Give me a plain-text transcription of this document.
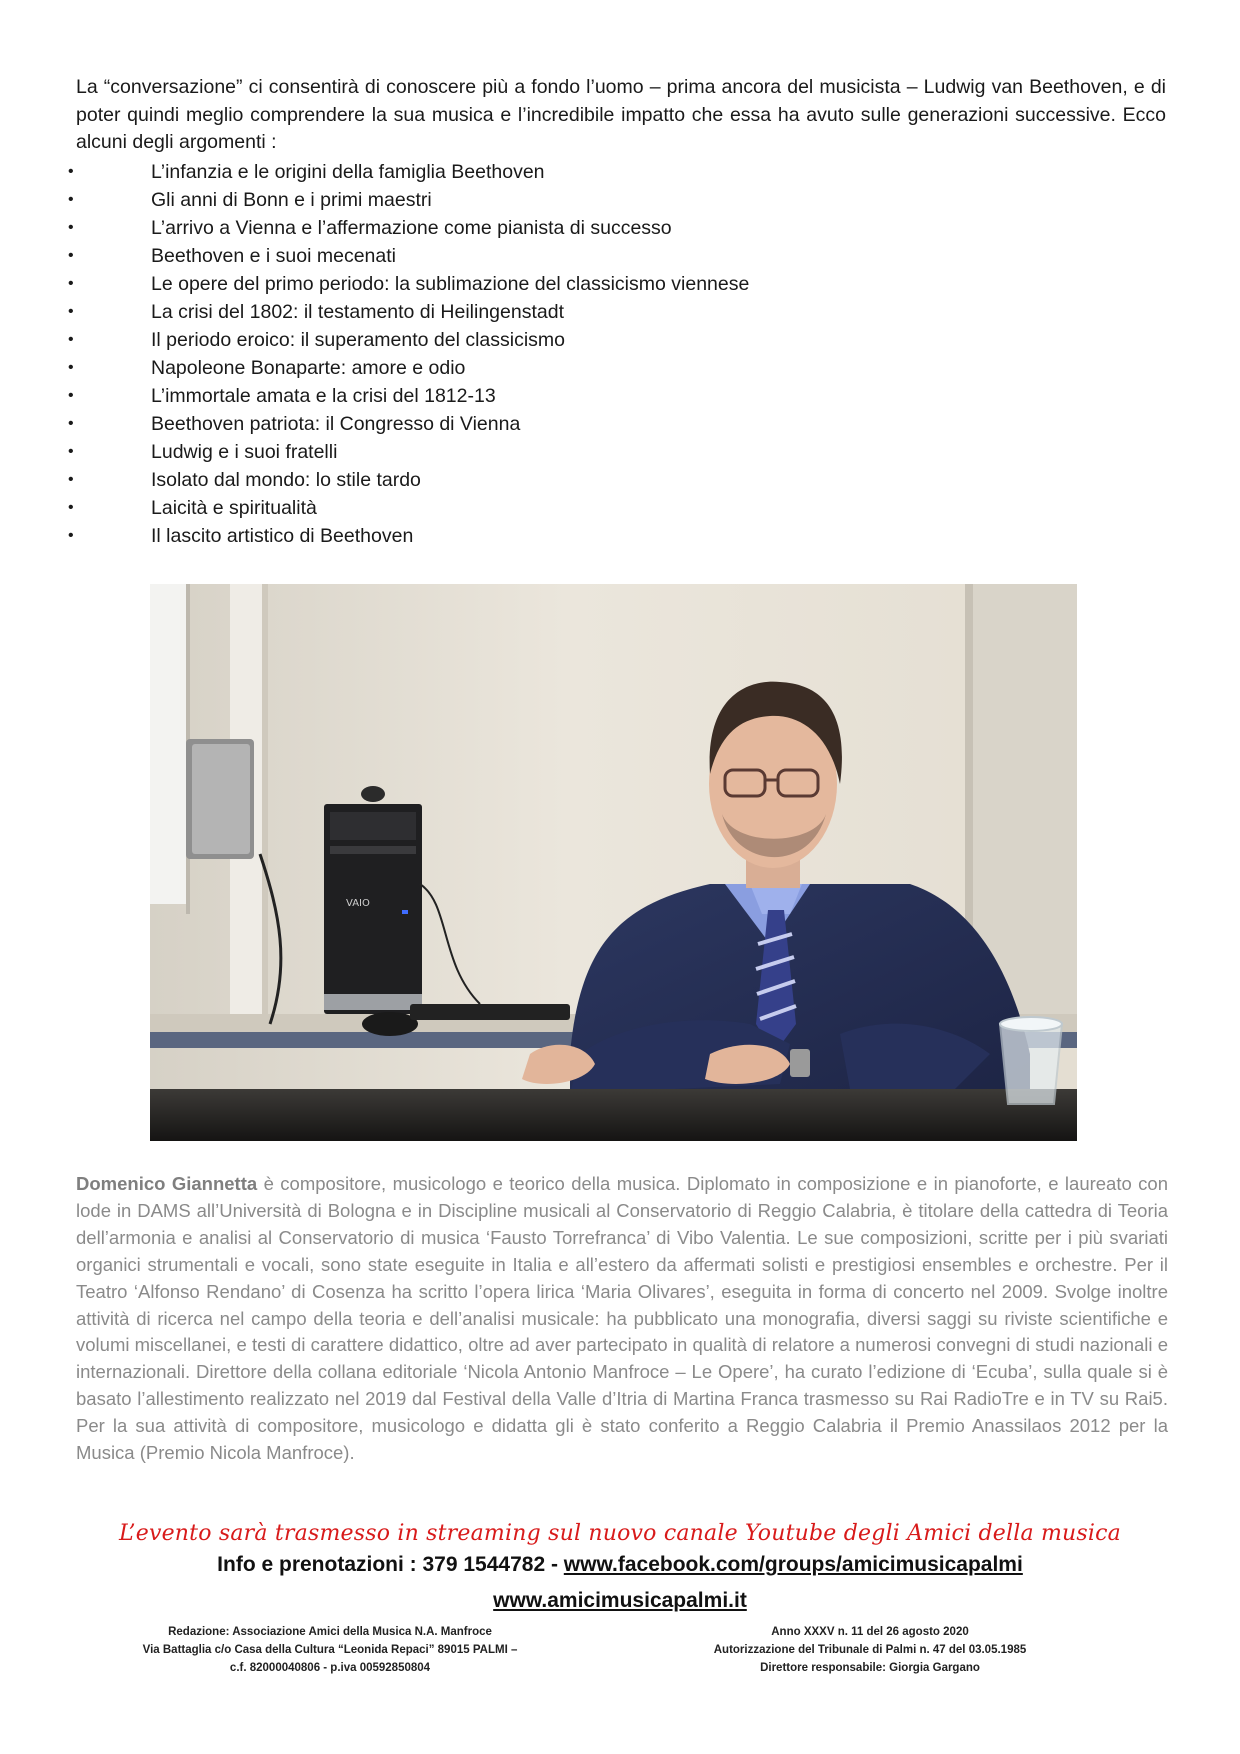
La “conversazione” ci consentirà di conoscere più a fondo l’uomo – prima ancora del musicista – Ludwig van Beethoven, e di poter quindi meglio comprendere la sua musica e l’incredibile impatto che essa ha avuto sulle generazioni successive. Ecco alcuni degli argomenti :

•	L’infanzia e le origini della famiglia Beethoven
•	Gli anni di Bonn e i primi maestri
•	L’arrivo a Vienna e l’affermazione come pianista di successo
•	Beethoven e i suoi mecenati
•	Le opere del primo periodo: la sublimazione del classicismo viennese
•	La crisi del 1802: il testamento di Heilingenstadt
•	Il periodo eroico: il superamento del classicismo
•	Napoleone Bonaparte: amore e odio
•	L’immortale amata e la crisi del 1812-13
•	Beethoven patriota: il Congresso di Vienna
•	Ludwig e i suoi fratelli
•	Isolato dal mondo: lo stile tardo
•	Laicità e spiritualità
•	Il lascito artistico di Beethoven
VAIO

Domenico Giannetta è compositore, musicologo e teorico della musica. Diplomato in composizione e in pianoforte, e laureato con lode in DAMS all’Università di Bologna e in Discipline musicali al Conservatorio di Reggio Calabria, è titolare della cattedra di Teoria dell’armonia e analisi al Conservatorio di musica ‘Fausto Torrefranca’ di Vibo Valentia. Le sue composizioni, scritte per i più svariati organici strumentali e vocali, sono state eseguite in Italia e all’estero da affermati solisti e prestigiosi ensembles e orchestre. Per il Teatro ‘Alfonso Rendano’ di Cosenza ha scritto l’opera lirica ‘Maria Olivares’, eseguita in forma di concerto nel 2009. Svolge inoltre attività di ricerca nel campo della teoria e dell’analisi musicale: ha pubblicato una monografia, diversi saggi su riviste scientifiche e volumi miscellanei, e testi di carattere didattico, oltre ad aver partecipato in qualità di relatore a numerosi convegni di studi nazionali e internazionali. Direttore della collana editoriale ‘Nicola Antonio Manfroce – Le Opere’, ha curato l’edizione di ‘Ecuba’, sulla quale si è basato l’allestimento realizzato nel 2019 dal Festival della Valle d’Itria di Martina Franca trasmesso su Rai RadioTre e in TV su Rai5. Per la sua attività di compositore, musicologo e didatta gli è stato conferito a Reggio Calabria il Premio Anassilaos 2012 per la Musica (Premio Nicola Manfroce).

L’evento sarà trasmesso in streaming sul nuovo canale Youtube degli Amici della musica
Info e prenotazioni : 379 1544782 - www.facebook.com/groups/amicimusicapalmi
www.amicimusicapalmi.it
Redazione: Associazione Amici della Musica N.A. Manfroce
Via Battaglia c/o Casa della Cultura “Leonida Repaci” 89015 PALMI –
c.f. 82000040806 - p.iva 00592850804
Anno XXXV n. 11 del 26 agosto 2020
Autorizzazione del Tribunale di Palmi n. 47 del 03.05.1985
Direttore responsabile: Giorgia Gargano
